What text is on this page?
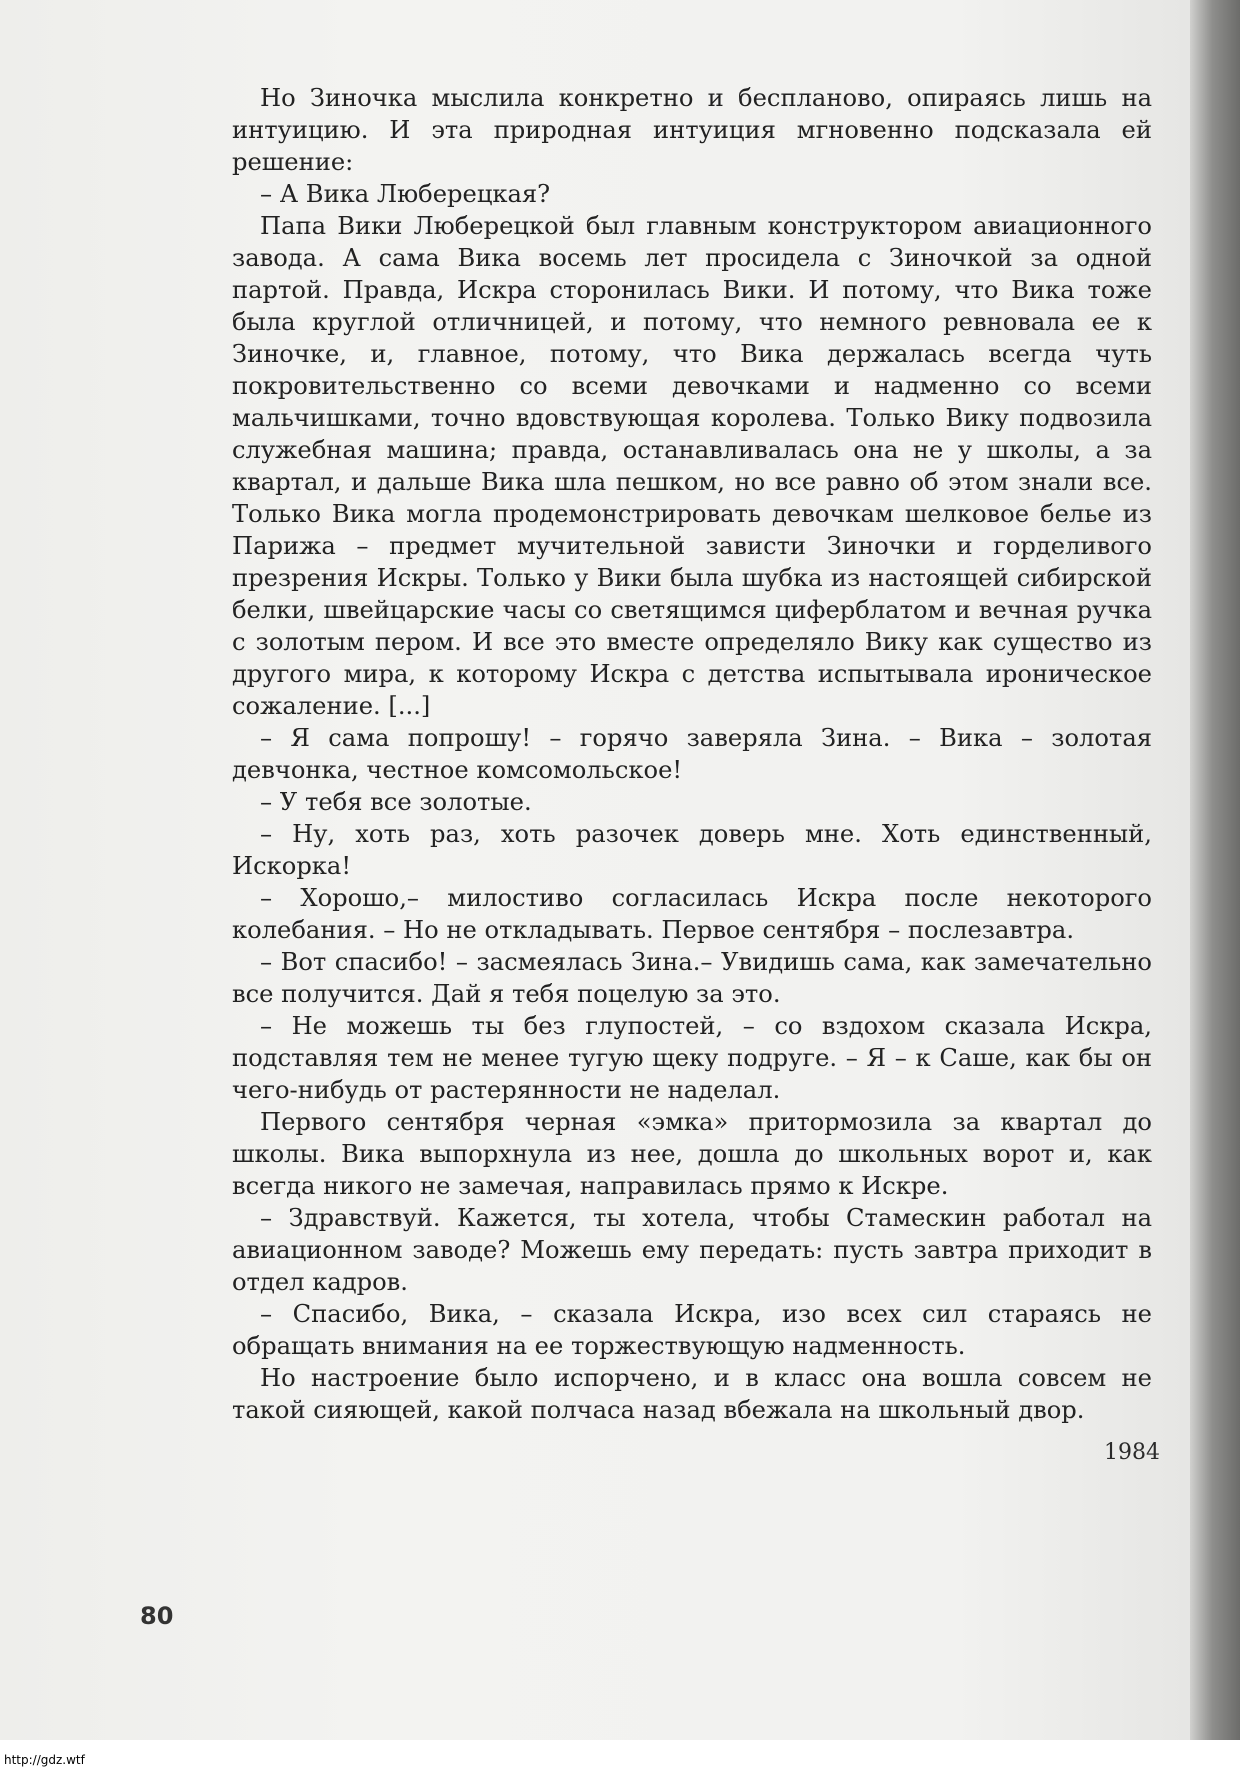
Но Зиночка мыслила конкретно и беспланово, опираясь лишь на интуицию. И эта природная интуиция мгновенно подсказала ей решение:

– А Вика Люберецкая?

Папа Вики Люберецкой был главным конструктором авиационного завода. А сама Вика восемь лет просидела с Зиночкой за одной партой. Правда, Искра сторонилась Вики. И потому, что Вика тоже была круглой отличницей, и потому, что немного ревновала ее к Зиночке, и, главное, потому, что Вика держалась всегда чуть покровительственно со всеми девочками и надменно со всеми мальчишками, точно вдовствующая королева. Только Вику подвозила служебная машина; правда, останавливалась она не у школы, а за квартал, и дальше Вика шла пешком, но все равно об этом знали все. Только Вика могла продемонстрировать девочкам шелковое белье из Парижа – предмет мучительной зависти Зиночки и горделивого презрения Искры. Только у Вики была шубка из настоящей сибирской белки, швейцарские часы со светящимся циферблатом и вечная ручка с золотым пером. И все это вместе определяло Вику как существо из другого мира, к которому Искра с детства испытывала ироническое сожаление. [...]

– Я сама попрошу! – горячо заверяла Зина. – Вика – золотая девчонка, честное комсомольское!

– У тебя все золотые.

– Ну, хоть раз, хоть разочек доверь мне. Хоть единственный, Искорка!

– Хорошо,– милостиво согласилась Искра после некоторого колебания. – Но не откладывать. Первое сентября – послезавтра.

– Вот спасибо! – засмеялась Зина.– Увидишь сама, как замечательно все получится. Дай я тебя поцелую за это.

– Не можешь ты без глупостей, – со вздохом сказала Искра, подставляя тем не менее тугую щеку подруге. – Я – к Саше, как бы он чего-нибудь от растерянности не наделал.

Первого сентября черная «эмка» притормозила за квартал до школы. Вика выпорхнула из нее, дошла до школьных ворот и, как всегда никого не замечая, направилась прямо к Искре.

– Здравствуй. Кажется, ты хотела, чтобы Стамескин работал на авиационном заводе? Можешь ему передать: пусть завтра приходит в отдел кадров.

– Спасибо, Вика, – сказала Искра, изо всех сил стараясь не обращать внимания на ее торжествующую надменность.

Но настроение было испорчено, и в класс она вошла совсем не такой сияющей, какой полчаса назад вбежала на школьный двор.

1984
80
http://gdz.wtf
